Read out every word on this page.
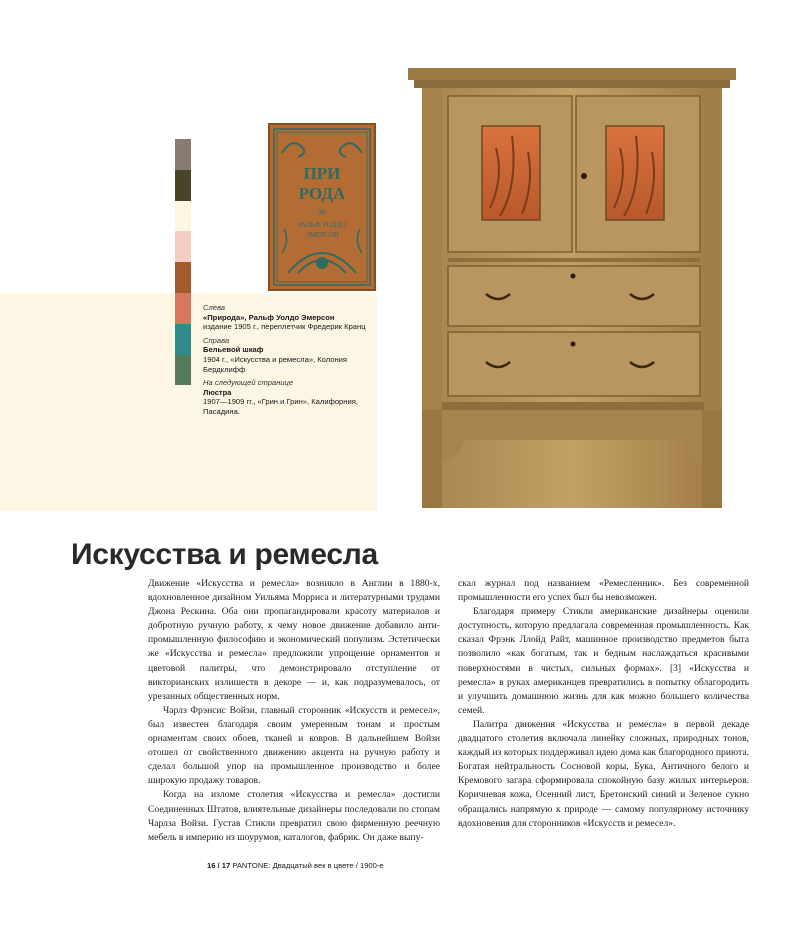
ПРИ
РОДА
ЭР
РАЛЬФ УОЛДО
ЭМЕРСОН
Слева
«Природа», Ральф Уолдо Эмерсон
издание 1905 г., переплетчик Фредерик Кранц
Справа
Бельевой шкаф
1904 г., «Искусства и ремесла», Колония Бердклифф
На следующей странице
Люстра
1907—1909 гг., «Грин и Грин», Калифорния, Пасадина.
Искусства и ремесла

Движение «Искусства и ремесла» возникло в Англии в 1880-х, вдохновленное дизайном Уильяма Морриса и литературными трудами Джона Рескина. Оба они пропагандировали красоту материалов и добротную ручную работу, к чему новое движение добавило анти-промышленную философию и экономический популизм. Эстетически же «Искусства и ремесла» предложили упрощение орнаментов и цветовой палитры, что демонстрировало отступление от викторианских излишеств в декоре — и, как подразумевалось, от урезанных общественных норм.

Чарлз Фрэнсис Войзи, главный сторонник «Искусств и ремесел», был известен благодаря своим умеренным тонам и простым орнаментам своих обоев, тканей и ковров. В дальнейшем Войзи отошел от свойственного движению акцента на ручную работу и сделал большой упор на промышленное производство и более широкую продажу товаров.

Когда на изломе столетия «Искусства и ремесла» достигли Соединенных Штатов, влиятельные дизайнеры последовали по стопам Чарлза Войзи. Густав Стикли превратил свою фирменную реечную мебель в империю из шоурумов, каталогов, фабрик. Он даже выпу-

скал журнал под названием «Ремесленник». Без современной промышленности его успех был бы невозможен.

Благодаря примеру Стикли американские дизайнеры оценили доступность, которую предлагала современная промышленность. Как сказал Фрэнк Ллойд Райт, машинное производство предметов быта позволило «как богатым, так и бедным наслаждаться красивыми поверхностями в чистых, сильных формах». [3] «Искусства и ремесла» в руках американцев превратились в попытку облагородить и улучшить домашнюю жизнь для как можно большего количества семей.

Палитра движения «Искусства и ремесла» в первой декаде двадцатого столетия включала линейку сложных, природных тонов, каждый из которых поддерживал идею дома как благородного приюта. Богатая нейтральность Сосновой коры, Бука, Античного белого и Кремового загара сформировала спокойную базу жилых интерьеров. Коричневая кожа, Осенний лист, Бретонский синий и Зеленое сукно обращались напрямую к природе — самому популярному источнику вдохновения для сторонников «Искусств и ремесел».

16 / 17 PANTONE: Двадцатый век в цвете / 1900-е
